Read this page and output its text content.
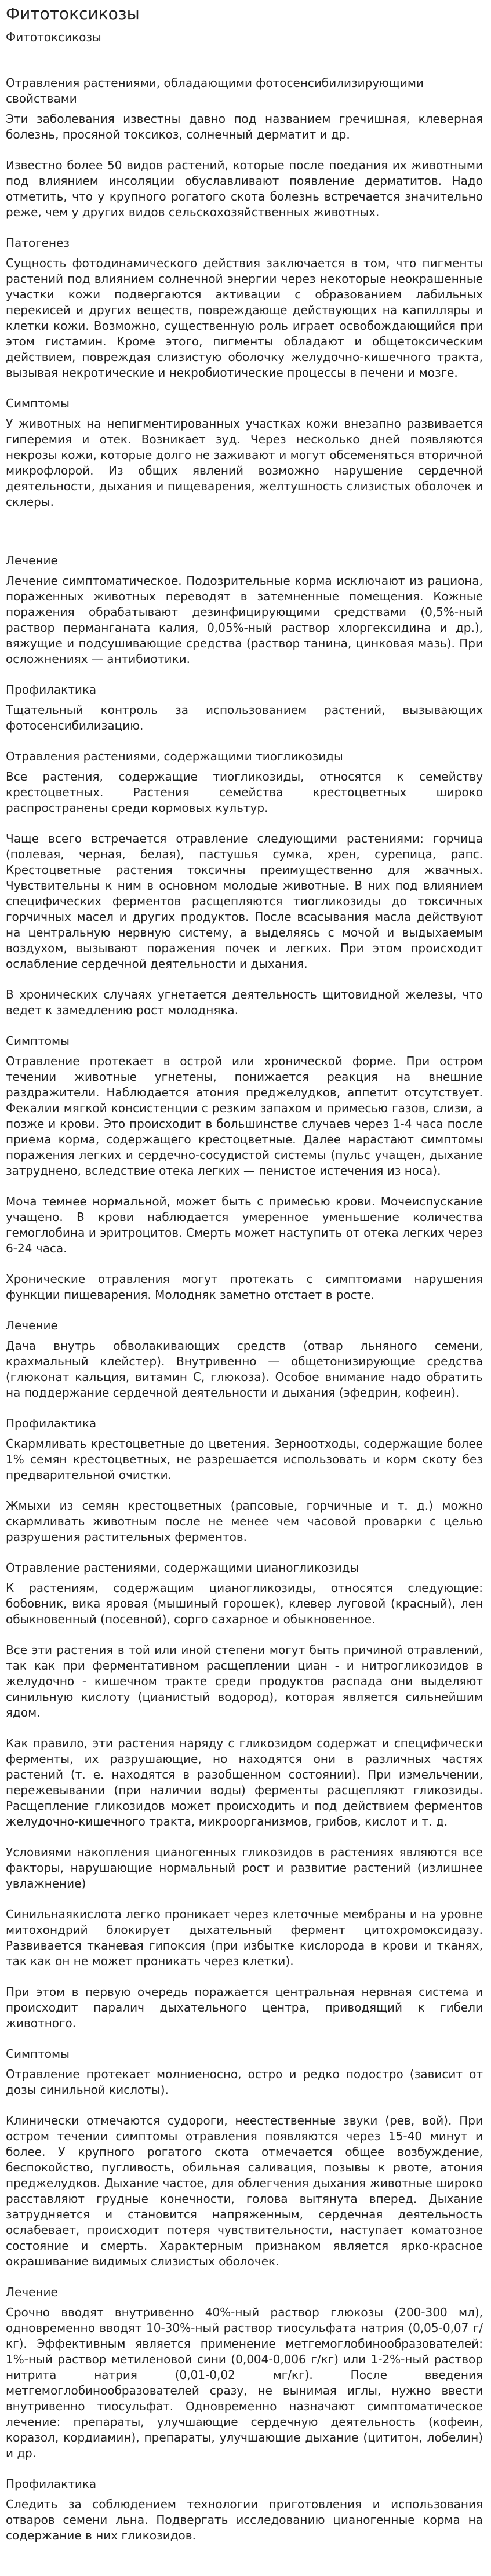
Фитотоксикозы
Фитотоксикозы
Отравления растениями, обладающими фотосенсибилизирующими свойствами

Эти заболевания известны давно под названием гречишная, клеверная болезнь, просяной токсикоз, солнечный дерматит и др.

Известно более 50 видов растений, которые после поедания их животными под влиянием инсоляции обуславливают появление дерматитов. Надо отметить, что у крупного рогатого скота болезнь встречается значительно реже, чем у других видов сельскохозяйственных животных.

Патогенез

Сущность фотодинамического действия заключается в том, что пигменты растений под влиянием солнечной энергии через некоторые неокрашенные участки кожи подвергаются активации с образованием лабильных перекисей и других веществ, повреждающе действующих на капилляры и клетки кожи. Возможно, существенную роль играет освобождающийся при этом гистамин. Кроме этого, пигменты обладают и общетоксическим действием, повреждая слизистую оболочку желудочно-кишечного тракта, вызывая некротические и некробиотические процессы в печени и мозге.

Симптомы

У животных на непигментированных участках кожи внезапно развивается гиперемия и отек. Возникает зуд. Через несколько дней появляются некрозы кожи, которые долго не заживают и могут обсеменяться вторичной микрофлорой. Из общих явлений возможно нарушение сердечной деятельности, дыхания и пищеварения, желтушность слизистых оболочек и склеры.

Лечение

Лечение симптоматическое. Подозрительные корма исключают из рациона, пораженных животных переводят в затемненные помещения. Кожные поражения обрабатывают дезинфицирующими средствами (0,5%-ный раствор перманганата калия, 0,05%-ный раствор хлоргексидина и др.), вяжущие и подсушивающие средства (раствор танина, цинковая мазь). При осложнениях — антибиотики.

Профилактика

Тщательный контроль за использованием растений, вызывающих фотосенсибилизацию.

Отравления растениями, содержащими тиогликозиды

Все растения, содержащие тиогликозиды, относятся к семейству крестоцветных. Растения семейства крестоцветных широко распространены среди кормовых культур.

Чаще всего встречается отравление следующими растениями: горчица (полевая, черная, белая), пастушья сумка, хрен, сурепица, рапс. Крестоцветные растения токсичны преимущественно для жвачных. Чувствительны к ним в основном молодые животные. В них под влиянием специфических ферментов расщепляются тиогликозиды до токсичных горчичных масел и других продуктов. После всасывания масла действуют на центральную нервную систему, а выделяясь с мочой и выдыхаемым воздухом, вызывают поражения почек и легких. При этом происходит ослабление сердечной деятельности и дыхания.

В хронических случаях угнетается деятельность щитовидной железы, что ведет к замедлению рост молодняка.

Симптомы

Отравление протекает в острой или хронической форме. При остром течении животные угнетены, понижается реакция на внешние раздражители. Наблюдается атония преджелудков, аппетит отсутствует. Фекалии мягкой консистенции с резким запахом и примесью газов, слизи, а позже и крови. Это происходит в большинстве случаев через 1-4 часа после приема корма, содержащего крестоцветные. Далее нарастают симптомы поражения легких и сердечно-сосудистой системы (пульс учащен, дыхание затруднено, вследствие отека легких — пенистое истечения из носа).

Моча темнее нормальной, может быть с примесью крови. Мочеиспускание учащено. В крови наблюдается умеренное уменьшение количества гемоглобина и эритроцитов. Смерть может наступить от отека легких через 6-24 часа.

Хронические отравления могут протекать с симптомами нарушения функции пищеварения. Молодняк заметно отстает в росте.

Лечение

Дача внутрь обволакивающих средств (отвар льняного семени, крахмальный клейстер). Внутривенно — общетонизирующие средства (глюконат кальция, витамин С, глюкоза). Особое внимание надо обратить на поддержание сердечной деятельности и дыхания (эфедрин, кофеин).

Профилактика

Скармливать крестоцветные до цветения. Зерноотходы, содержащие более 1% семян крестоцветных, не разрешается использовать и корм скоту без предварительной очистки.

Жмыхи из семян крестоцветных (рапсовые, горчичные и т. д.) можно скармливать животным после не менее чем часовой проварки с целью разрушения растительных ферментов.

Отравление растениями, содержащими цианогликозиды

К растениям, содержащим цианогликозиды, относятся следующие: бобовник, вика яровая (мышиный горошек), клевер луговой (красный), лен обыкновенный (посевной), сорго сахарное и обыкновенное.

Все эти растения в той или иной степени могут быть причиной отравлений, так как при ферментативном расщеплении циан - и нитрогликозидов в желудочно - кишечном тракте среди продуктов распада они выделяют синильную кислоту (цианистый водород), которая является сильнейшим ядом.

Как правило, эти растения наряду с гликозидом содержат и специфически ферменты, их разрушающие, но находятся они в различных частях растений (т. е. находятся в разобщенном состоянии). При измельчении, пережевывании (при наличии воды) ферменты расщепляют гликозиды. Расщепление гликозидов может происходить и под действием ферментов желудочно-кишечного тракта, микроорганизмов, грибов, кислот и т. д.

Условиями накопления цианогенных гликозидов в растениях являются все факторы, нарушающие нормальный рост и развитие растений (излишнее увлажнение)

Синильнаякислота легко проникает через клеточные мембраны и на уровне митохондрий блокирует дыхательный фермент цитохромоксидазу. Развивается тканевая гипоксия (при избытке кислорода в крови и тканях, так как он не может проникать через клетки).

При этом в первую очередь поражается центральная нервная система и происходит паралич дыхательного центра, приводящий к гибели животного.

Симптомы

Отравление протекает молниеносно, остро и редко подостро (зависит от дозы синильной кислоты).

Клинически отмечаются судороги, неестественные звуки (рев, вой). При остром течении симптомы отравления появляются через 15-40 минут и более. У крупного рогатого скота отмечается общее возбуждение, беспокойство, пугливость, обильная саливация, позывы к рвоте, атония преджелудков. Дыхание частое, для облегчения дыхания животные широко расставляют грудные конечности, голова вытянута вперед. Дыхание затрудняется и становится напряженным, сердечная деятельность ослабевает, происходит потеря чувствительности, наступает коматозное состояние и смерть. Характерным признаком является ярко-красное окрашивание видимых слизистых оболочек.

Лечение

Срочно вводят внутривенно 40%-ный раствор глюкозы (200-300 мл), одновременно вводят 10-30%-ный раствор тиосульфата натрия (0,05-0,07 г/кг). Эффективным является применение метгемоглобинообразователей: 1%-ный раствор метиленовой сини (0,004-0,006 г/кг) или 1-2%-ный раствор нитрита натрия (0,01-0,02 мг/кг). После введения метгемоглобинообразователей сразу, не вынимая иглы, нужно ввести внутривенно тиосульфат. Одновременно назначают симптоматическое лечение: препараты, улучшающие сердечную деятельность (кофеин, коразол, кордиамин), препараты, улучшающие дыхание (цититон, лобелин) и др.

Профилактика

Следить за соблюдением технологии приготовления и использования отваров семени льна. Подвергать исследованию цианогенные корма на содержание в них гликозидов.
